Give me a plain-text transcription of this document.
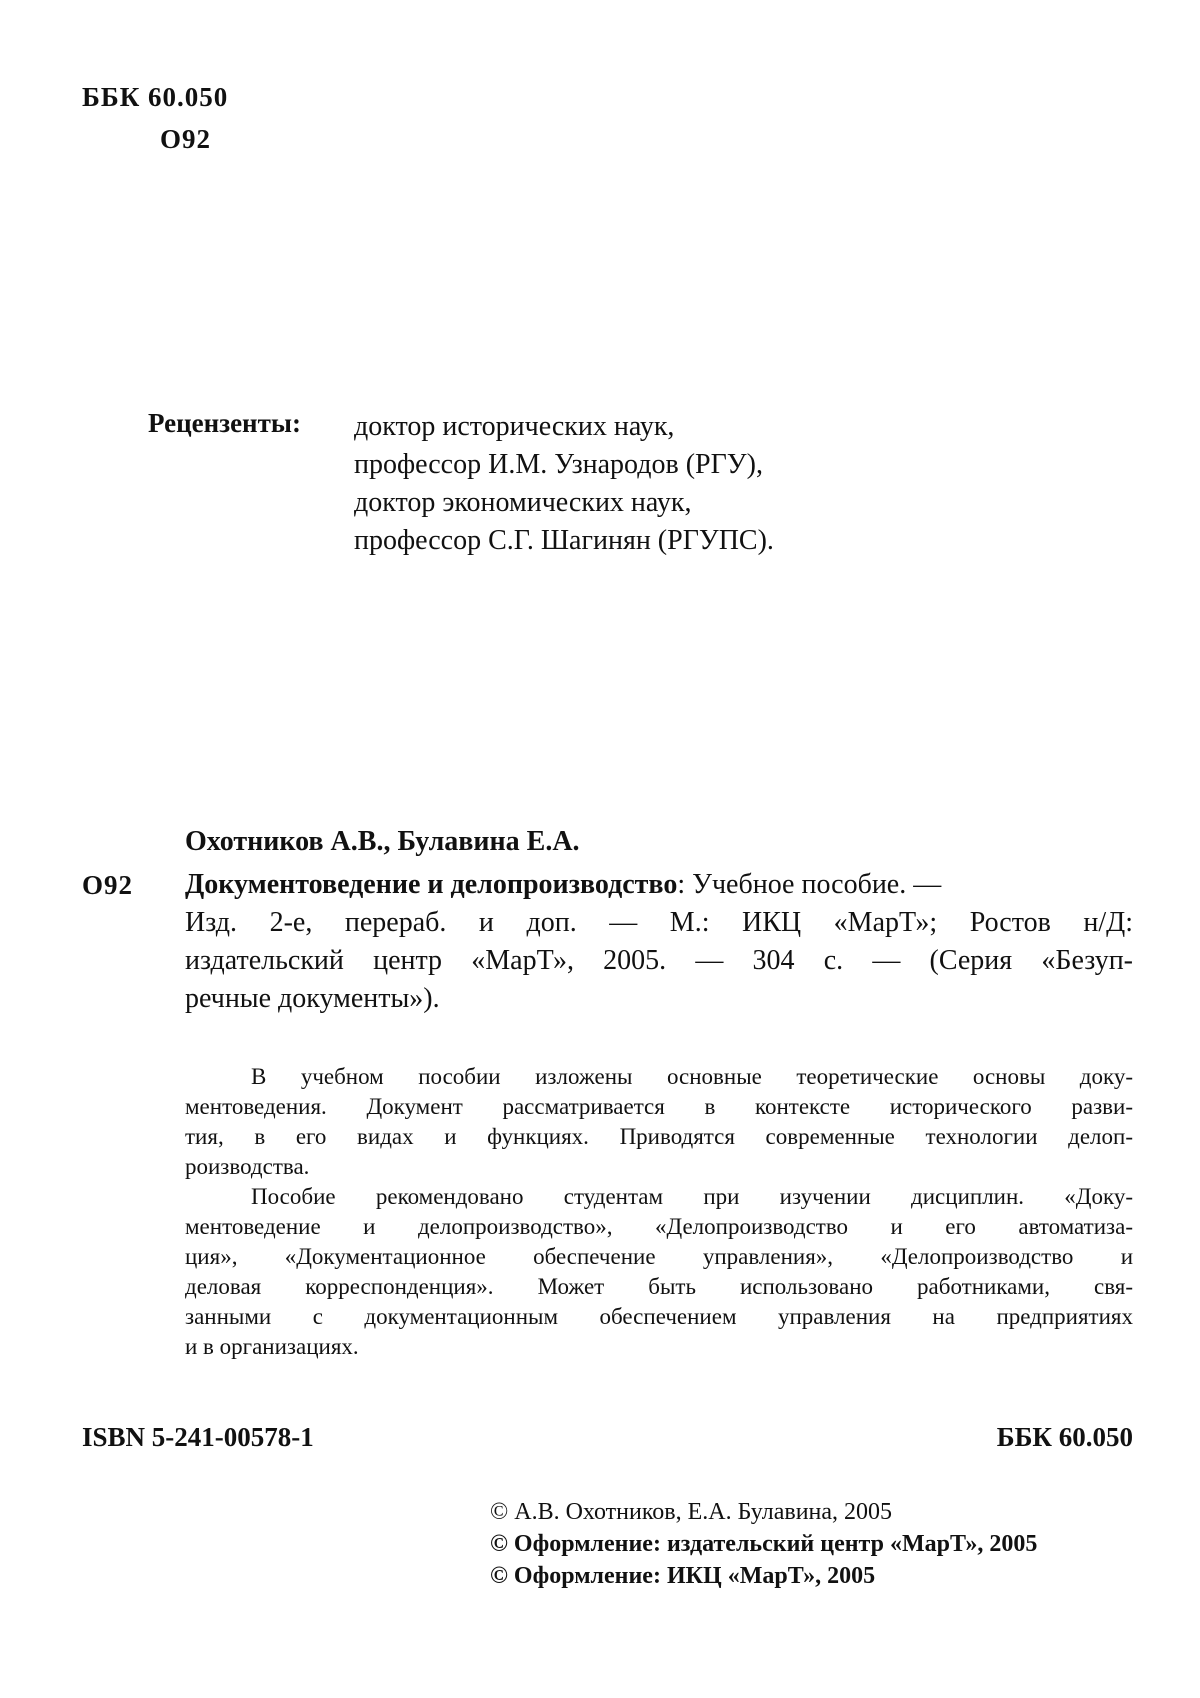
ББК 60.050
О92
Рецензенты: доктор исторических наук,
профессор И.М. Узнародов (РГУ),
доктор экономических наук,
профессор С.Г. Шагинян (РГУПС).
Охотников А.В., Булавина Е.А.
О92 Документоведение и делопроизводство: Учебное пособие. —
Изд. 2-е, перераб. и доп. — М.: ИКЦ «МарТ»; Ростов н/Д:
издательский центр «МарТ», 2005. — 304 с. — (Серия «Безуп-
речные документы»).
В учебном пособии изложены основные теоретические основы доку-
ментоведения. Документ рассматривается в контексте исторического разви-
тия, в его видах и функциях. Приводятся современные технологии делоп-
роизводства.
Пособие рекомендовано студентам при изучении дисциплин. «Доку-
ментоведение и делопроизводство», «Делопроизводство и его автоматиза-
ция», «Документационное обеспечение управления», «Делопроизводство и
деловая корреспонденция». Может быть использовано работниками, свя-
занными с документационным обеспечением управления на предприятиях
и в организациях.
ISBN 5-241-00578-1	ББК 60.050
© А.В. Охотников, Е.А. Булавина, 2005
© Оформление: издательский центр «МарТ», 2005
© Оформление: ИКЦ «МарТ», 2005
